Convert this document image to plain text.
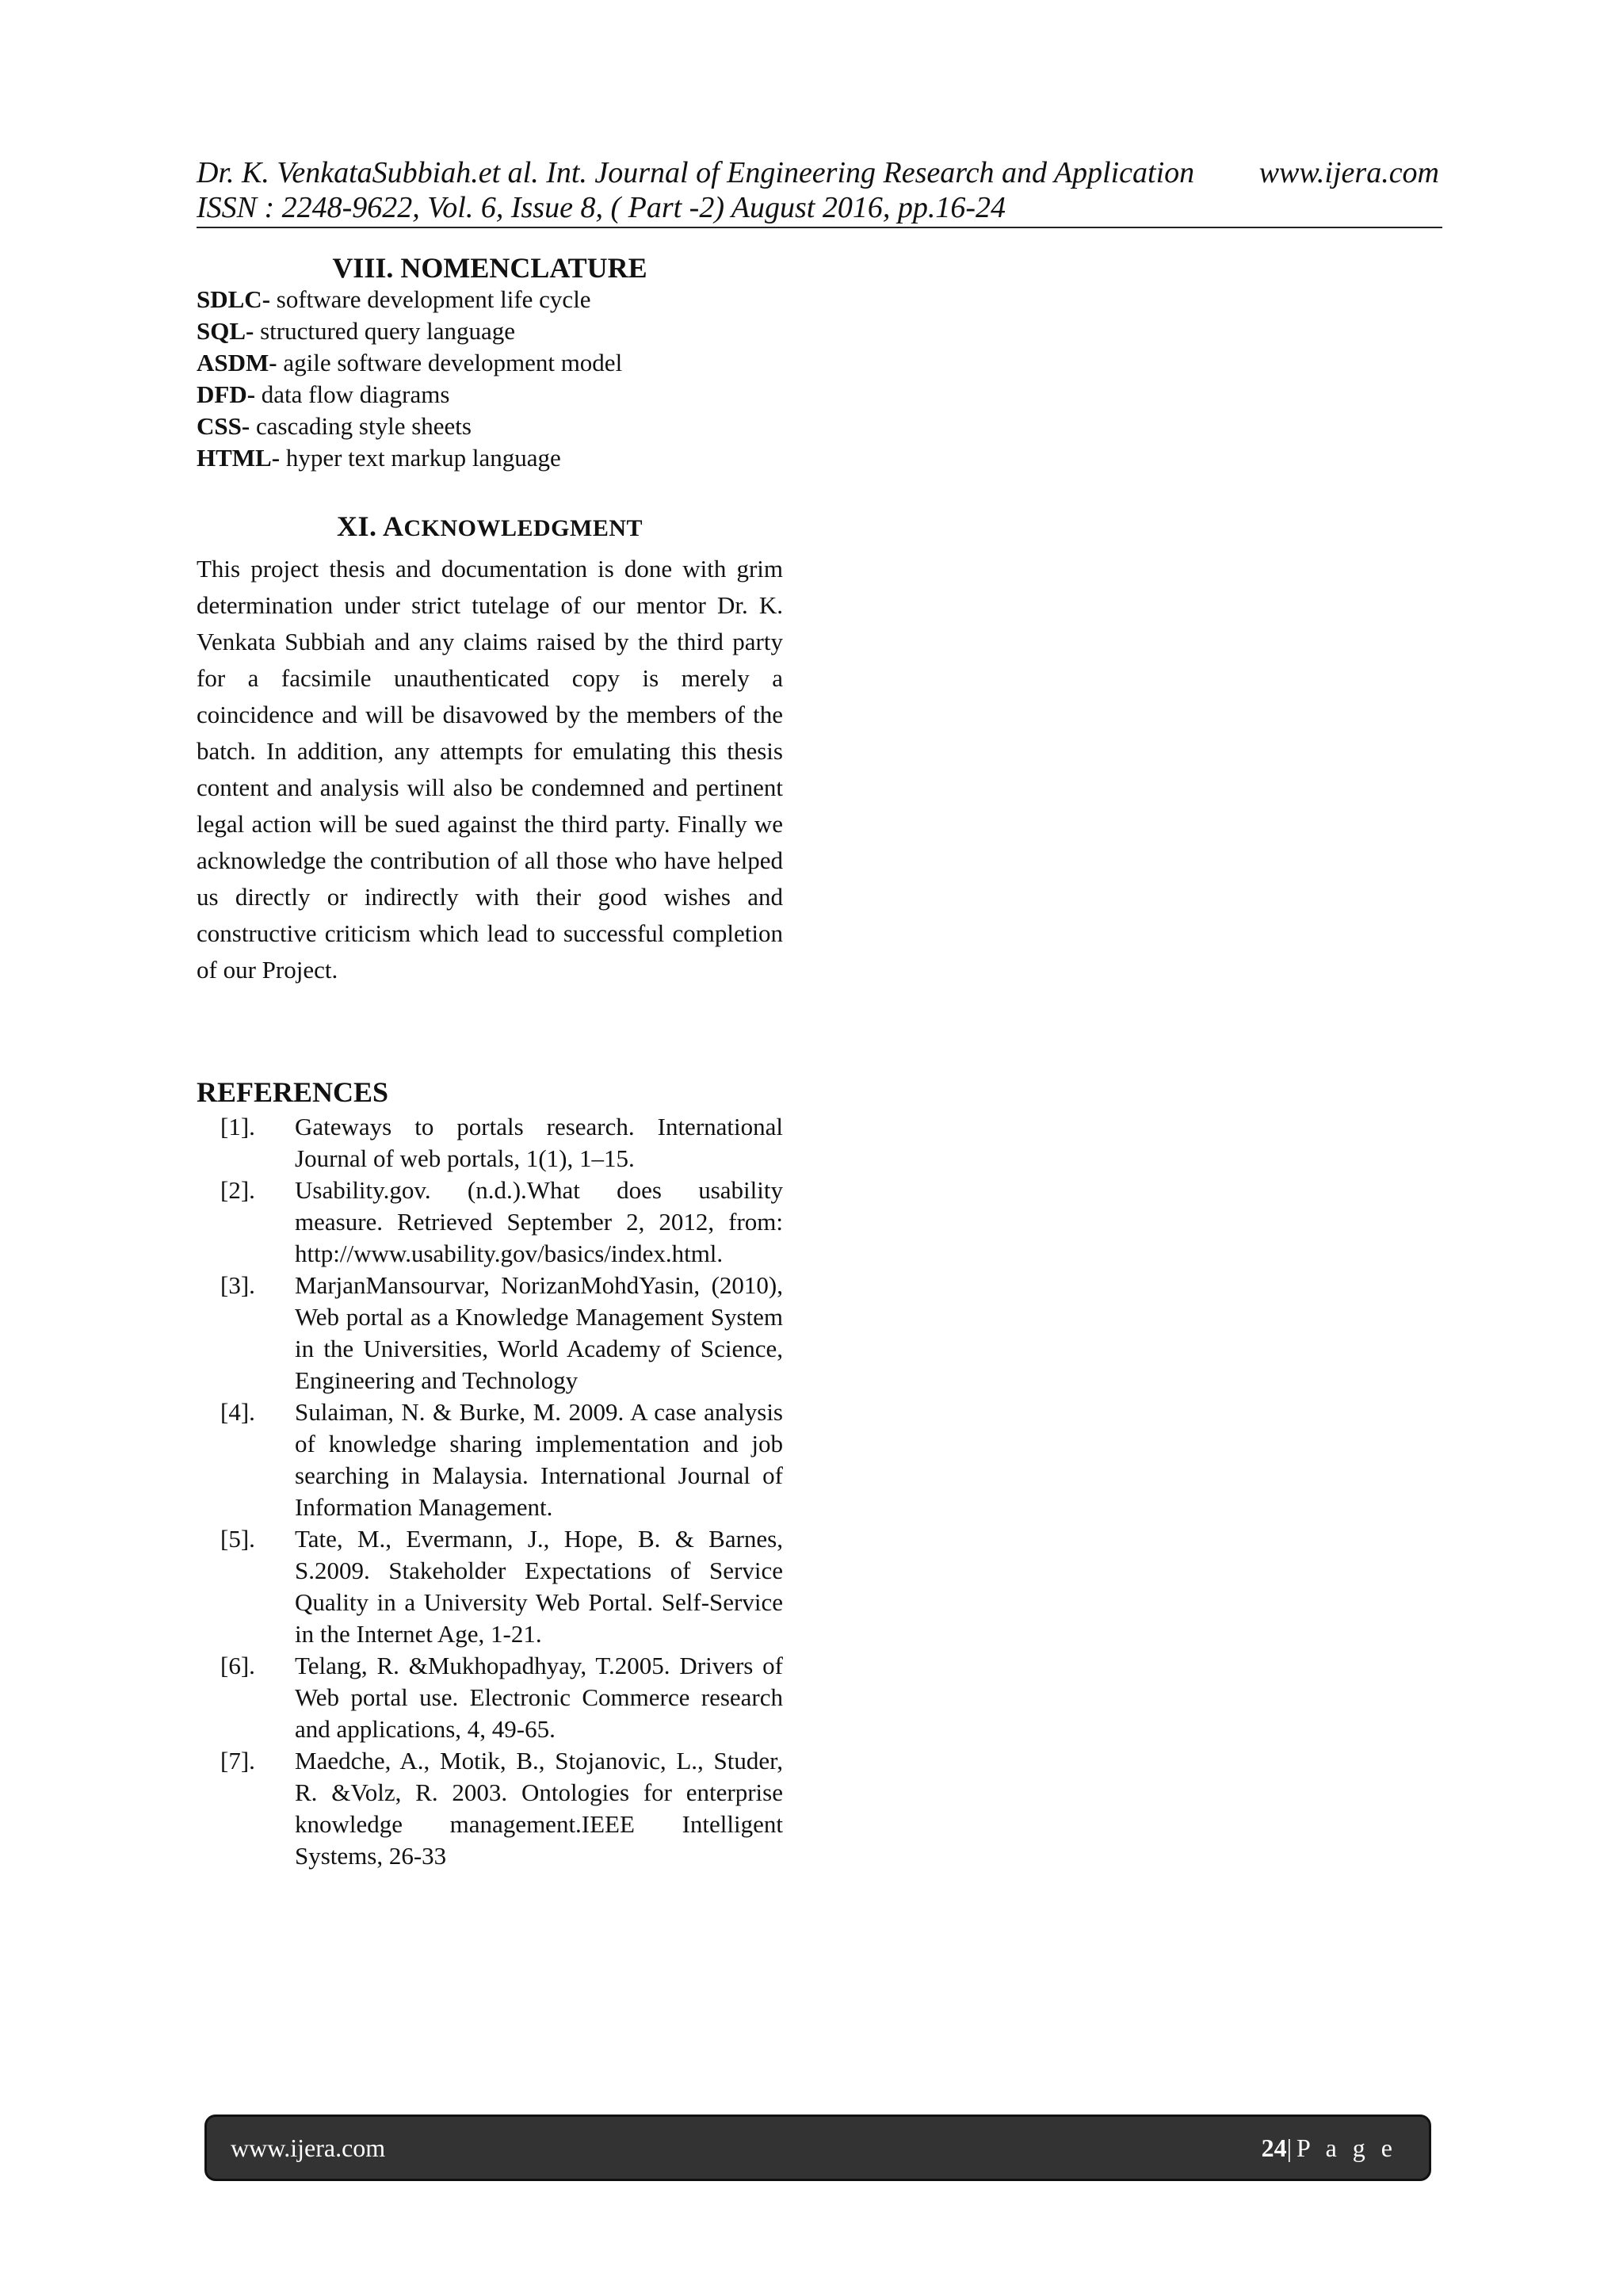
Dr. K. VenkataSubbiah.et al. Int. Journal of Engineering Research and Application www.ijera.com
ISSN : 2248-9622, Vol. 6, Issue 8, ( Part -2) August 2016, pp.16-24
VIII. NOMENCLATURE
SDLC- software development life cycle
SQL- structured query language
ASDM- agile software development model
DFD- data flow diagrams
CSS- cascading style sheets
HTML- hyper text markup language
XI. ACKNOWLEDGMENT
This project thesis and documentation is done with grim determination under strict tutelage of our mentor Dr. K. Venkata Subbiah and any claims raised by the third party for a facsimile unauthenticated copy is merely a coincidence and will be disavowed by the members of the batch. In addition, any attempts for emulating this thesis content and analysis will also be condemned and pertinent legal action will be sued against the third party. Finally we acknowledge the contribution of all those who have helped us directly or indirectly with their good wishes and constructive criticism which lead to successful completion of our Project.
REFERENCES
[1].	Gateways to portals research. International Journal of web portals, 1(1), 1–15.
[2].	Usability.gov. (n.d.).What does usability measure. Retrieved September 2, 2012, from: http://www.usability.gov/basics/index.html.
[3].	MarjanMansourvar, NorizanMohdYasin, (2010), Web portal as a Knowledge Management System in the Universities, World Academy of Science, Engineering and Technology
[4].	Sulaiman, N. & Burke, M. 2009. A case analysis of knowledge sharing implementation and job searching in Malaysia. International Journal of Information Management.
[5].	Tate, M., Evermann, J., Hope, B. & Barnes, S.2009. Stakeholder Expectations of Service Quality in a University Web Portal. Self-Service in the Internet Age, 1-21.
[6].	Telang, R. &Mukhopadhyay, T.2005. Drivers of Web portal use. Electronic Commerce research and applications, 4, 49-65.
[7].	Maedche, A., Motik, B., Stojanovic, L., Studer, R. &Volz, R. 2003. Ontologies for enterprise knowledge management.IEEE Intelligent Systems, 26-33
www.ijera.com	24|P a g e
